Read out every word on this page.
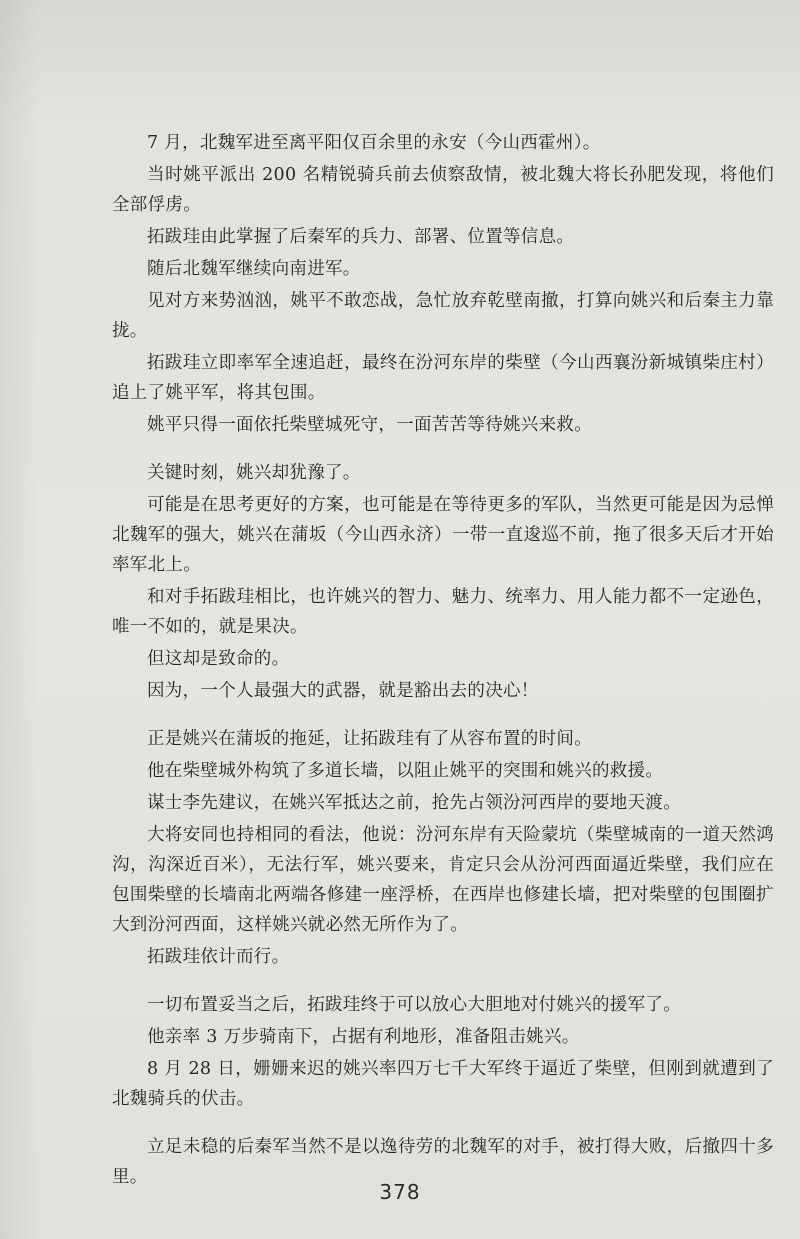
7 月，北魏军进至离平阳仅百余里的永安（今山西霍州）。

当时姚平派出 200 名精锐骑兵前去侦察敌情，被北魏大将长孙肥发现，将他们全部俘虏。

拓跋珪由此掌握了后秦军的兵力、部署、位置等信息。

随后北魏军继续向南进军。

见对方来势汹汹，姚平不敢恋战，急忙放弃乾壁南撤，打算向姚兴和后秦主力靠拢。

拓跋珪立即率军全速追赶，最终在汾河东岸的柴壁（今山西襄汾新城镇柴庄村）追上了姚平军，将其包围。

姚平只得一面依托柴壁城死守，一面苦苦等待姚兴来救。

关键时刻，姚兴却犹豫了。

可能是在思考更好的方案，也可能是在等待更多的军队，当然更可能是因为忌惮北魏军的强大，姚兴在蒲坂（今山西永济）一带一直逡巡不前，拖了很多天后才开始率军北上。

和对手拓跋珪相比，也许姚兴的智力、魅力、统率力、用人能力都不一定逊色，唯一不如的，就是果决。

但这却是致命的。

因为，一个人最强大的武器，就是豁出去的决心！

正是姚兴在蒲坂的拖延，让拓跋珪有了从容布置的时间。

他在柴壁城外构筑了多道长墙，以阻止姚平的突围和姚兴的救援。

谋士李先建议，在姚兴军抵达之前，抢先占领汾河西岸的要地天渡。

大将安同也持相同的看法，他说：汾河东岸有天险蒙坑（柴壁城南的一道天然鸿沟，沟深近百米），无法行军，姚兴要来，肯定只会从汾河西面逼近柴壁，我们应在包围柴壁的长墙南北两端各修建一座浮桥，在西岸也修建长墙，把对柴壁的包围圈扩大到汾河西面，这样姚兴就必然无所作为了。

拓跋珪依计而行。

一切布置妥当之后，拓跋珪终于可以放心大胆地对付姚兴的援军了。

他亲率 3 万步骑南下，占据有利地形，准备阻击姚兴。

8 月 28 日，姗姗来迟的姚兴率四万七千大军终于逼近了柴壁，但刚到就遭到了北魏骑兵的伏击。

立足未稳的后秦军当然不是以逸待劳的北魏军的对手，被打得大败，后撤四十多里。

378
